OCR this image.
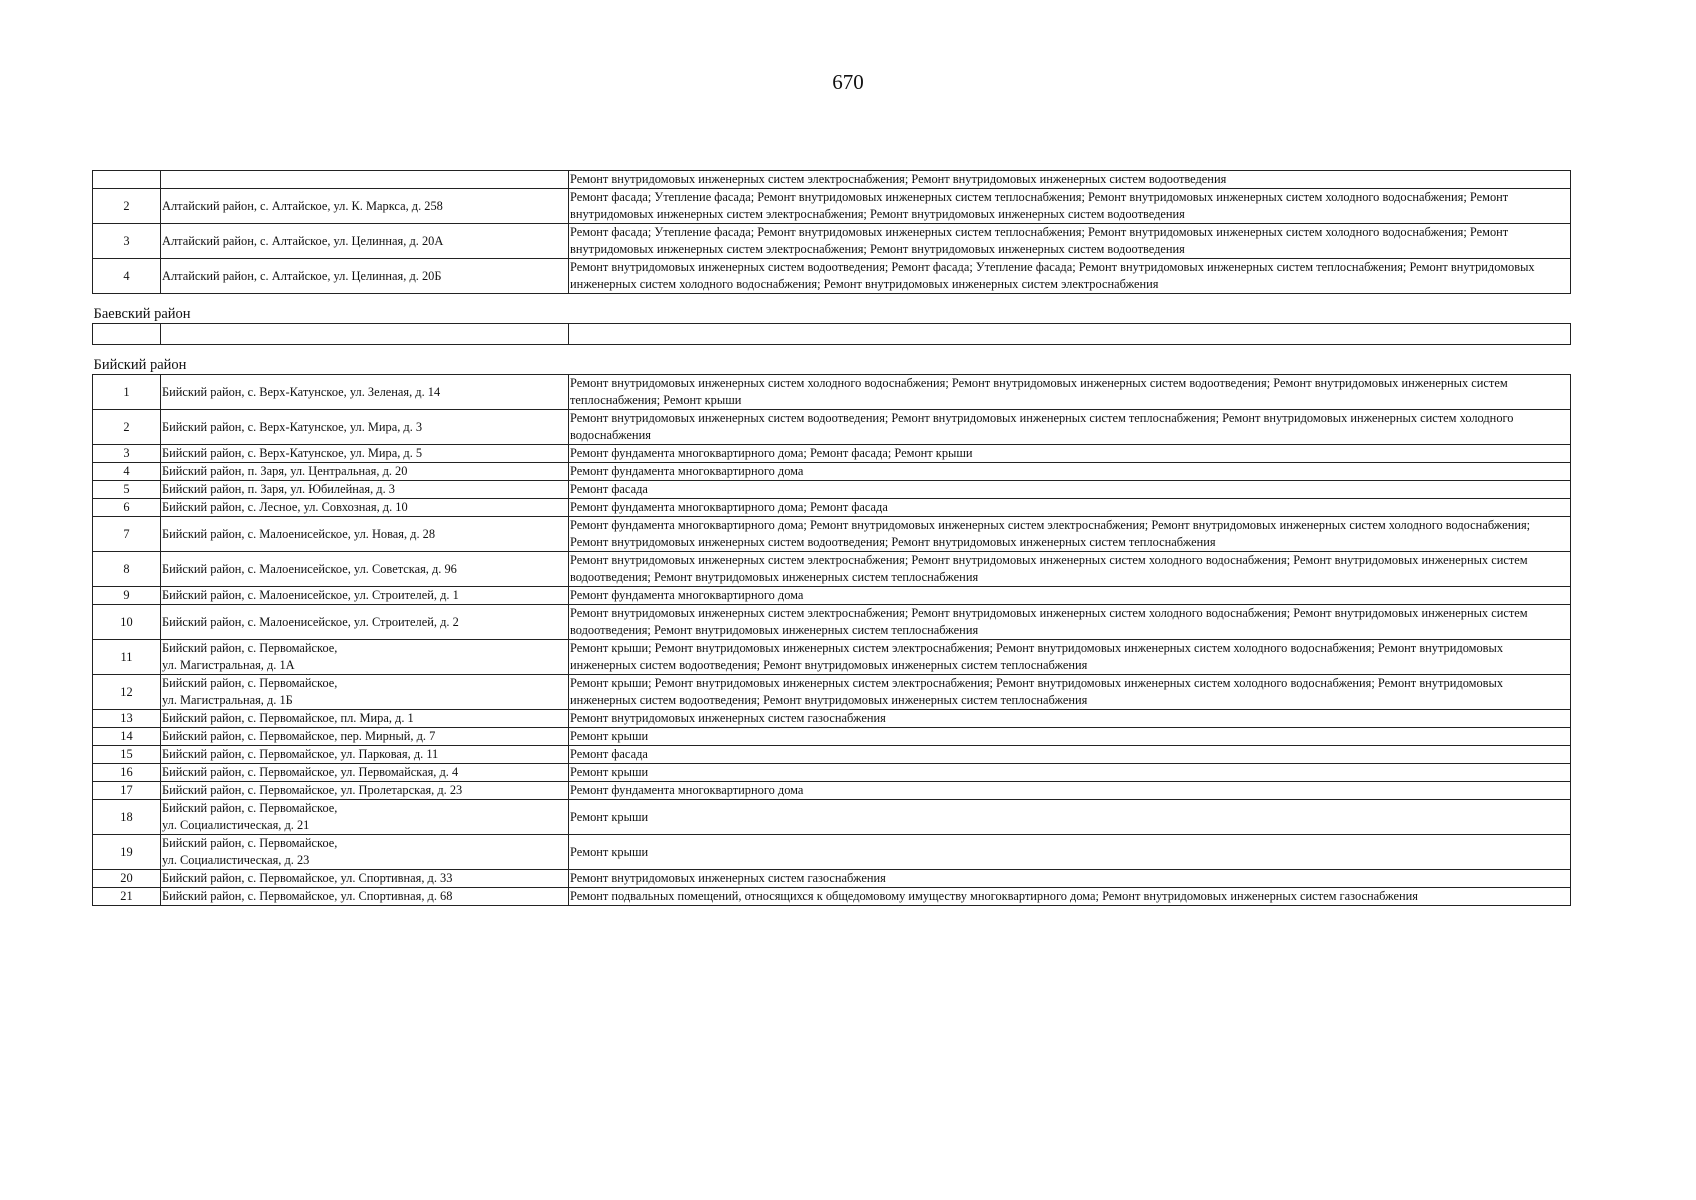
670
		Ремонт внутридомовых инженерных систем электроснабжения; Ремонт внутридомовых инженерных систем водоотведения
2	Алтайский район, с. Алтайское, ул. К. Маркса, д. 258	Ремонт фасада; Утепление фасада; Ремонт внутридомовых инженерных систем теплоснабжения; Ремонт внутридомовых инженерных систем холодного водоснабжения; Ремонт внутридомовых инженерных систем электроснабжения; Ремонт внутридомовых инженерных систем водоотведения
3	Алтайский район, с. Алтайское, ул. Целинная, д. 20А	Ремонт фасада; Утепление фасада; Ремонт внутридомовых инженерных систем теплоснабжения; Ремонт внутридомовых инженерных систем холодного водоснабжения; Ремонт внутридомовых инженерных систем электроснабжения; Ремонт внутридомовых инженерных систем водоотведения
4	Алтайский район, с. Алтайское, ул. Целинная, д. 20Б	Ремонт внутридомовых инженерных систем водоотведения; Ремонт фасада; Утепление фасада; Ремонт внутридомовых инженерных систем теплоснабжения; Ремонт внутридомовых инженерных систем холодного водоснабжения; Ремонт внутридомовых инженерных систем электроснабжения
Баевский район		

Бийский район		
1	Бийский район, с. Верх-Катунское, ул. Зеленая, д. 14	Ремонт внутридомовых инженерных систем холодного водоснабжения; Ремонт внутридомовых инженерных систем водоотведения; Ремонт внутридомовых инженерных систем теплоснабжения; Ремонт крыши
2	Бийский район, с. Верх-Катунское, ул. Мира, д. 3	Ремонт внутридомовых инженерных систем водоотведения; Ремонт внутридомовых инженерных систем теплоснабжения; Ремонт внутридомовых инженерных систем холодного водоснабжения
3	Бийский район, с. Верх-Катунское, ул. Мира, д. 5	Ремонт фундамента многоквартирного дома; Ремонт фасада; Ремонт крыши
4	Бийский район, п. Заря, ул. Центральная, д. 20	Ремонт фундамента многоквартирного дома
5	Бийский район, п. Заря, ул. Юбилейная, д. 3	Ремонт фасада
6	Бийский район, с. Лесное, ул. Совхозная, д. 10	Ремонт фундамента многоквартирного дома; Ремонт фасада
7	Бийский район, с. Малоенисейское, ул. Новая, д. 28	Ремонт фундамента многоквартирного дома; Ремонт внутридомовых инженерных систем электроснабжения; Ремонт внутридомовых инженерных систем холодного водоснабжения; Ремонт внутридомовых инженерных систем водоотведения; Ремонт внутридомовых инженерных систем теплоснабжения
8	Бийский район, с. Малоенисейское, ул. Советская, д. 96	Ремонт внутридомовых инженерных систем электроснабжения; Ремонт внутридомовых инженерных систем холодного водоснабжения; Ремонт внутридомовых инженерных систем водоотведения; Ремонт внутридомовых инженерных систем теплоснабжения
9	Бийский район, с. Малоенисейское, ул. Строителей, д. 1	Ремонт фундамента многоквартирного дома
10	Бийский район, с. Малоенисейское, ул. Строителей, д. 2	Ремонт внутридомовых инженерных систем электроснабжения; Ремонт внутридомовых инженерных систем холодного водоснабжения; Ремонт внутридомовых инженерных систем водоотведения; Ремонт внутридомовых инженерных систем теплоснабжения
11	Бийский район, с. Первомайское,
ул. Магистральная, д. 1А	Ремонт крыши; Ремонт внутридомовых инженерных систем электроснабжения; Ремонт внутридомовых инженерных систем холодного водоснабжения; Ремонт внутридомовых инженерных систем водоотведения; Ремонт внутридомовых инженерных систем теплоснабжения
12	Бийский район, с. Первомайское,
ул. Магистральная, д. 1Б	Ремонт крыши; Ремонт внутридомовых инженерных систем электроснабжения; Ремонт внутридомовых инженерных систем холодного водоснабжения; Ремонт внутридомовых инженерных систем водоотведения; Ремонт внутридомовых инженерных систем теплоснабжения
13	Бийский район, с. Первомайское, пл. Мира, д. 1	Ремонт внутридомовых инженерных систем газоснабжения
14	Бийский район, с. Первомайское, пер. Мирный, д. 7	Ремонт крыши
15	Бийский район, с. Первомайское, ул. Парковая, д. 11	Ремонт фасада
16	Бийский район, с. Первомайское, ул. Первомайская, д. 4	Ремонт крыши
17	Бийский район, с. Первомайское, ул. Пролетарская, д. 23	Ремонт фундамента многоквартирного дома
18	Бийский район, с. Первомайское,
ул. Социалистическая, д. 21	Ремонт крыши
19	Бийский район, с. Первомайское,
ул. Социалистическая, д. 23	Ремонт крыши
20	Бийский район, с. Первомайское, ул. Спортивная, д. 33	Ремонт внутридомовых инженерных систем газоснабжения
21	Бийский район, с. Первомайское, ул. Спортивная, д. 68	Ремонт подвальных помещений, относящихся к общедомовому имуществу многоквартирного дома; Ремонт внутридомовых инженерных систем газоснабжения
